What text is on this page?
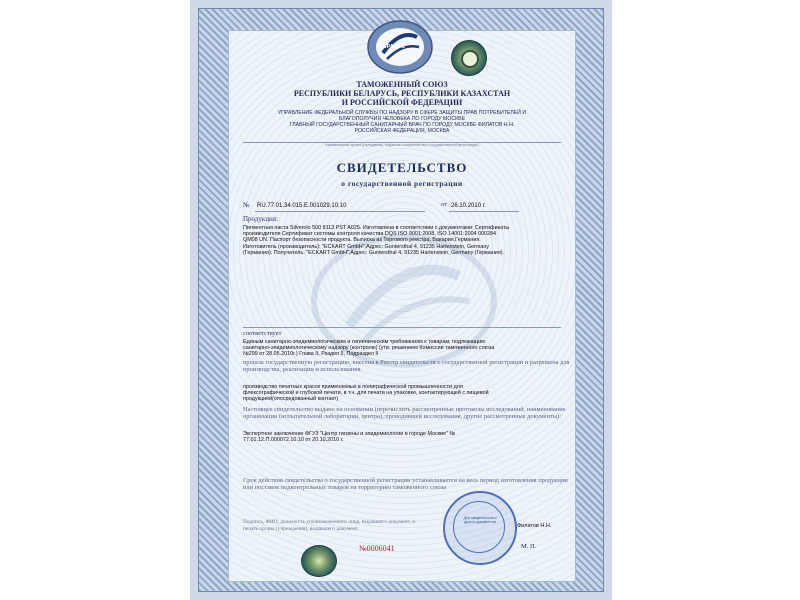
ЕВРАЗЭС
ТАМОЖЕННЫЙ СОЮЗ
РЕСПУБЛИКИ БЕЛАРУСЬ, РЕСПУБЛИКИ КАЗАХСТАН
И РОССИЙСКОЙ ФЕДЕРАЦИИ
УПРАВЛЕНИЕ ФЕДЕРАЛЬНОЙ СЛУЖБЫ ПО НАДЗОРУ В СФЕРЕ ЗАЩИТЫ ПРАВ ПОТРЕБИТЕЛЕЙ И
БЛАГОПОЛУЧИЯ ЧЕЛОВЕКА ПО ГОРОДУ МОСКВЕ
ГЛАВНЫЙ ГОСУДАРСТВЕННЫЙ САНИТАРНЫЙ ВРАЧ ПО ГОРОДУ МОСКВЕ ФИЛАТОВ Н.Н.
РОССИЙСКАЯ ФЕДЕРАЦИЯ, МОСКВА
(наименование органа (учреждения), выдавшего свидетельство о государственной регистрации)
СВИДЕТЕЛЬСТВО
о государственной регистрации
№ RU.77.01.34.015.Е.001029.10.10	от 26.10.2010 г.
Продукция:
Пигментная паста Silverolo 500 8113 PST A025. Изготовлена в соответствии с документами: Сертификаты
производителя Сертификат системы контроля качества DQS ISO 9001:2008, ISO 14001:2004 000284
QM08 UN. Паспорт безопасности продукта. Выписка из Торгового реестра, Бавария,Германия.
Изготовитель (производитель): "ECKART GmbH",Адрес: Guntersthal 4, 91235 Hartenstein, Germany
(Германия). Получатель: "ECKART GmbH",Адрес: Guntersthal 4, 91235 Hartenstein, Germany (Германия).
соответствует
Единым санитарно-эпидемиологическим и гигиеническим требованиям к товарам, подлежащим
санитарно-эпидемиологическому надзору (контролю) (утв. решением Комиссии таможенного союза
№299 от 28.05.2010г.) Глава II, Раздел 5, Подраздел II
прошла государственную регистрацию, внесена в Реестр свидетельств о государственной регистрации и разрешена для производства, реализации и использования
производство печатных красок применяемых в полиграфической промышленности для
флексографической и глубокой печати, в т.ч. для печати на упаковке, контактирующей с пищевой
продукцией(опосредованный контакт)
Настоящее свидетельство выдано на основании (перечислить рассмотренные протоколы исследований, наименование организации (испытательной лаборатории, центра), проводившей исследования, другие рассмотренные документы):
Экспертное заключение ФГУЗ "Центр гигиены и эпидемиологии в городе Москве" №
77.01.12.П.000072.10.10 от 20.10.2010 г.
Срок действия свидетельства о государственной регистрации устанавливается на весь период изготовления продукции или поставок подконтрольных товаров на территорию таможенного союза
Подпись, ФИО, должность уполномоченного лица, выдавшего документ, и печать органа (учреждения), выдавшего документ	Филатов Н.Н.
М. П.
Для свидетельств и других документов
№0006041
